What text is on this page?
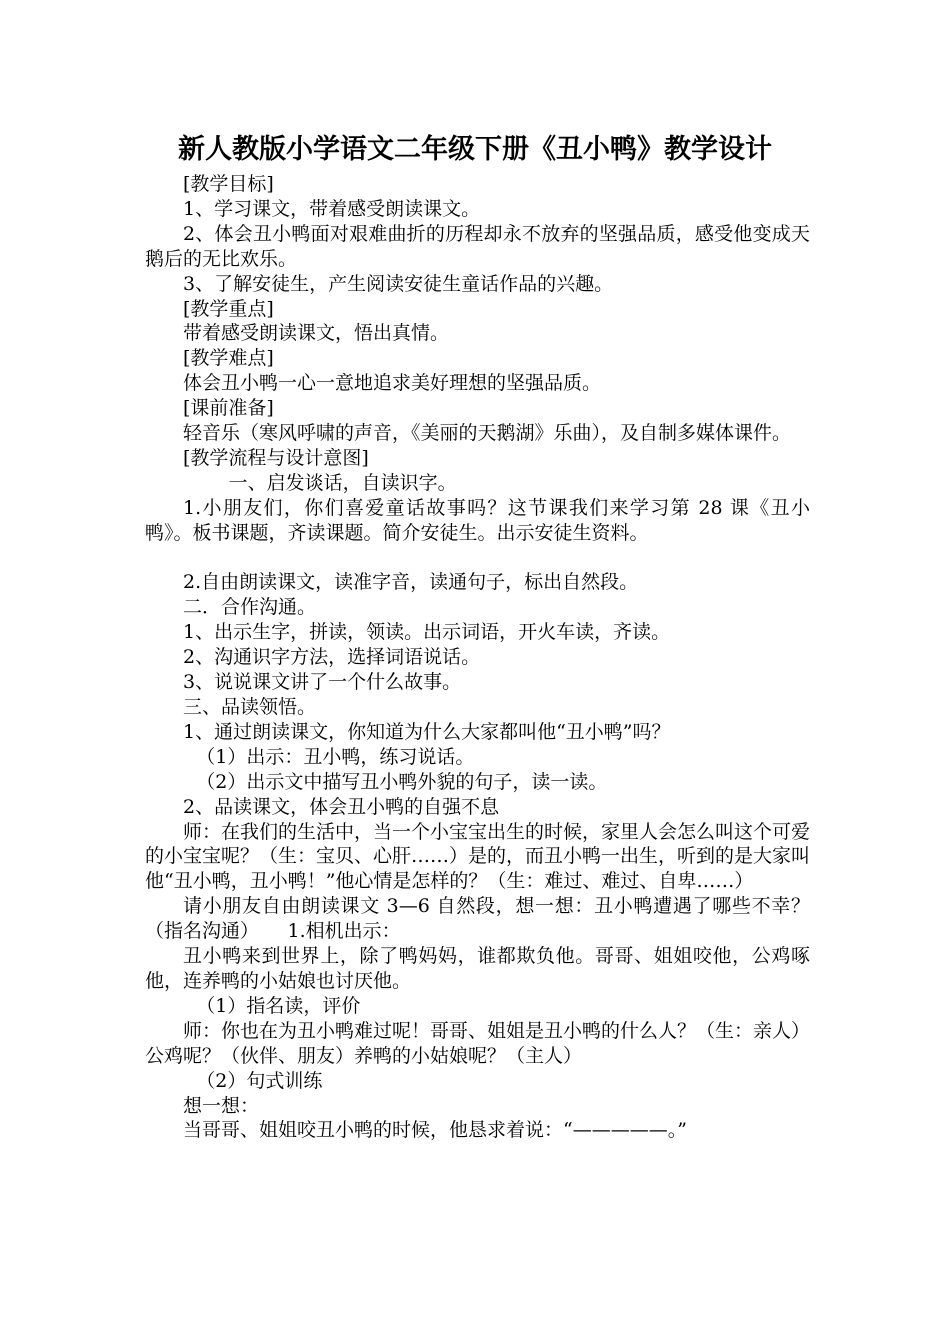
新人教版小学语文二年级下册《丑小鸭》教学设计

[教学目标]

1、学习课文，带着感受朗读课文。

2、体会丑小鸭面对艰难曲折的历程却永不放弃的坚强品质，感受他变成天鹅后的无比欢乐。

3、了解安徒生，产生阅读安徒生童话作品的兴趣。

[教学重点]

带着感受朗读课文，悟出真情。

[教学难点]

体会丑小鸭一心一意地追求美好理想的坚强品质。

[课前准备]

轻音乐（寒风呼啸的声音，《美丽的天鹅湖》乐曲），及自制多媒体课件。

[教学流程与设计意图]

一、启发谈话，自读识字。

1.小朋友们，你们喜爱童话故事吗？这节课我们来学习第 28 课《丑小鸭》。板书课题，齐读课题。简介安徒生。出示安徒生资料。

2.自由朗读课文，读准字音，读通句子，标出自然段。

二．合作沟通。

1、出示生字，拼读，领读。出示词语，开火车读，齐读。

2、沟通识字方法，选择词语说话。

3、说说课文讲了一个什么故事。

三、品读领悟。

1、通过朗读课文，你知道为什么大家都叫他“丑小鸭”吗？

（1）出示：丑小鸭，练习说话。

（2）出示文中描写丑小鸭外貌的句子，读一读。

2、品读课文，体会丑小鸭的自强不息

师：在我们的生活中，当一个小宝宝出生的时候，家里人会怎么叫这个可爱的小宝宝呢？（生：宝贝、心肝……）是的，而丑小鸭一出生，听到的是大家叫他“丑小鸭，丑小鸭！”他心情是怎样的？（生：难过、难过、自卑……）

请小朋友自由朗读课文 3—6 自然段，想一想：丑小鸭遭遇了哪些不幸？（指名沟通）　　1.相机出示：

丑小鸭来到世界上，除了鸭妈妈，谁都欺负他。哥哥、姐姐咬他，公鸡啄他，连养鸭的小姑娘也讨厌他。

（1）指名读，评价

师：你也在为丑小鸭难过呢！哥哥、姐姐是丑小鸭的什么人？（生：亲人）公鸡呢？（伙伴、朋友）养鸭的小姑娘呢？（主人）

（2）句式训练

想一想：

当哥哥、姐姐咬丑小鸭的时候，他恳求着说：“—————。”
